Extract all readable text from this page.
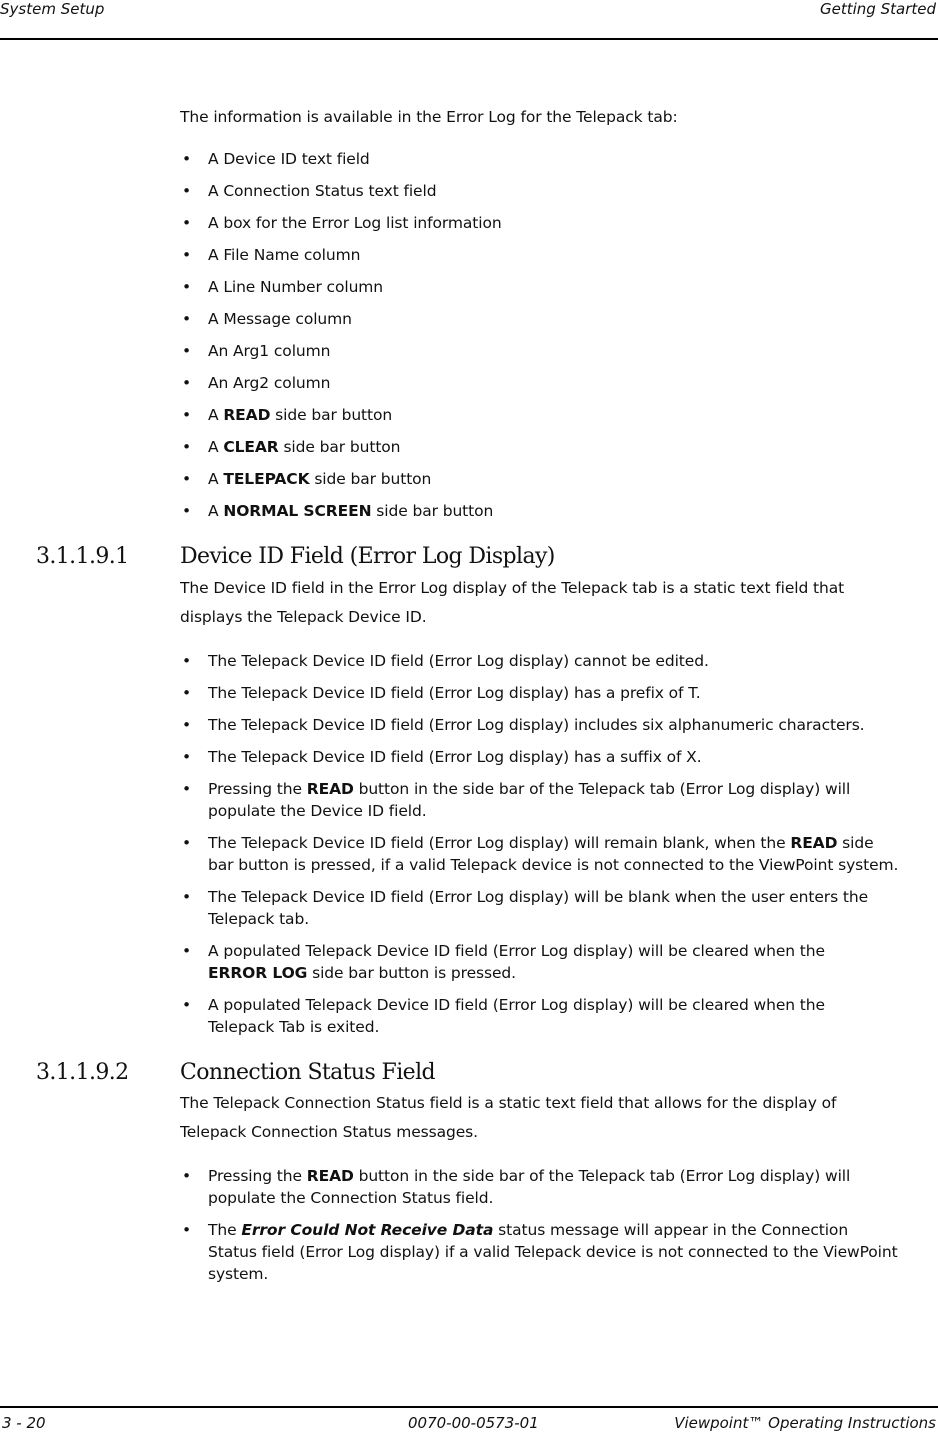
System Setup	Getting Started
The information is available in the Error Log for the Telepack tab:
• A Device ID text field
• A Connection Status text field
• A box for the Error Log list information
• A File Name column
• A Line Number column
• A Message column
• An Arg1 column
• An Arg2 column
• A READ side bar button
• A CLEAR side bar button
• A TELEPACK side bar button
• A NORMAL SCREEN side bar button
3.1.1.9.1 Device ID Field (Error Log Display)
The Device ID field in the Error Log display of the Telepack tab is a static text field that
displays the Telepack Device ID.
• The Telepack Device ID field (Error Log display) cannot be edited.
• The Telepack Device ID field (Error Log display) has a prefix of T.
• The Telepack Device ID field (Error Log display) includes six alphanumeric characters.
• The Telepack Device ID field (Error Log display) has a suffix of X.
• Pressing the READ button in the side bar of the Telepack tab (Error Log display) will
populate the Device ID field.
• The Telepack Device ID field (Error Log display) will remain blank, when the READ side
bar button is pressed, if a valid Telepack device is not connected to the ViewPoint system.
• The Telepack Device ID field (Error Log display) will be blank when the user enters the
Telepack tab.
• A populated Telepack Device ID field (Error Log display) will be cleared when the
ERROR LOG side bar button is pressed.
• A populated Telepack Device ID field (Error Log display) will be cleared when the
Telepack Tab is exited.
3.1.1.9.2 Connection Status Field
The Telepack Connection Status field is a static text field that allows for the display of
Telepack Connection Status messages.
• Pressing the READ button in the side bar of the Telepack tab (Error Log display) will
populate the Connection Status field.
• The Error Could Not Receive Data status message will appear in the Connection
Status field (Error Log display) if a valid Telepack device is not connected to the ViewPoint
system.
3 - 20	0070-00-0573-01	Viewpoint™ Operating Instructions
